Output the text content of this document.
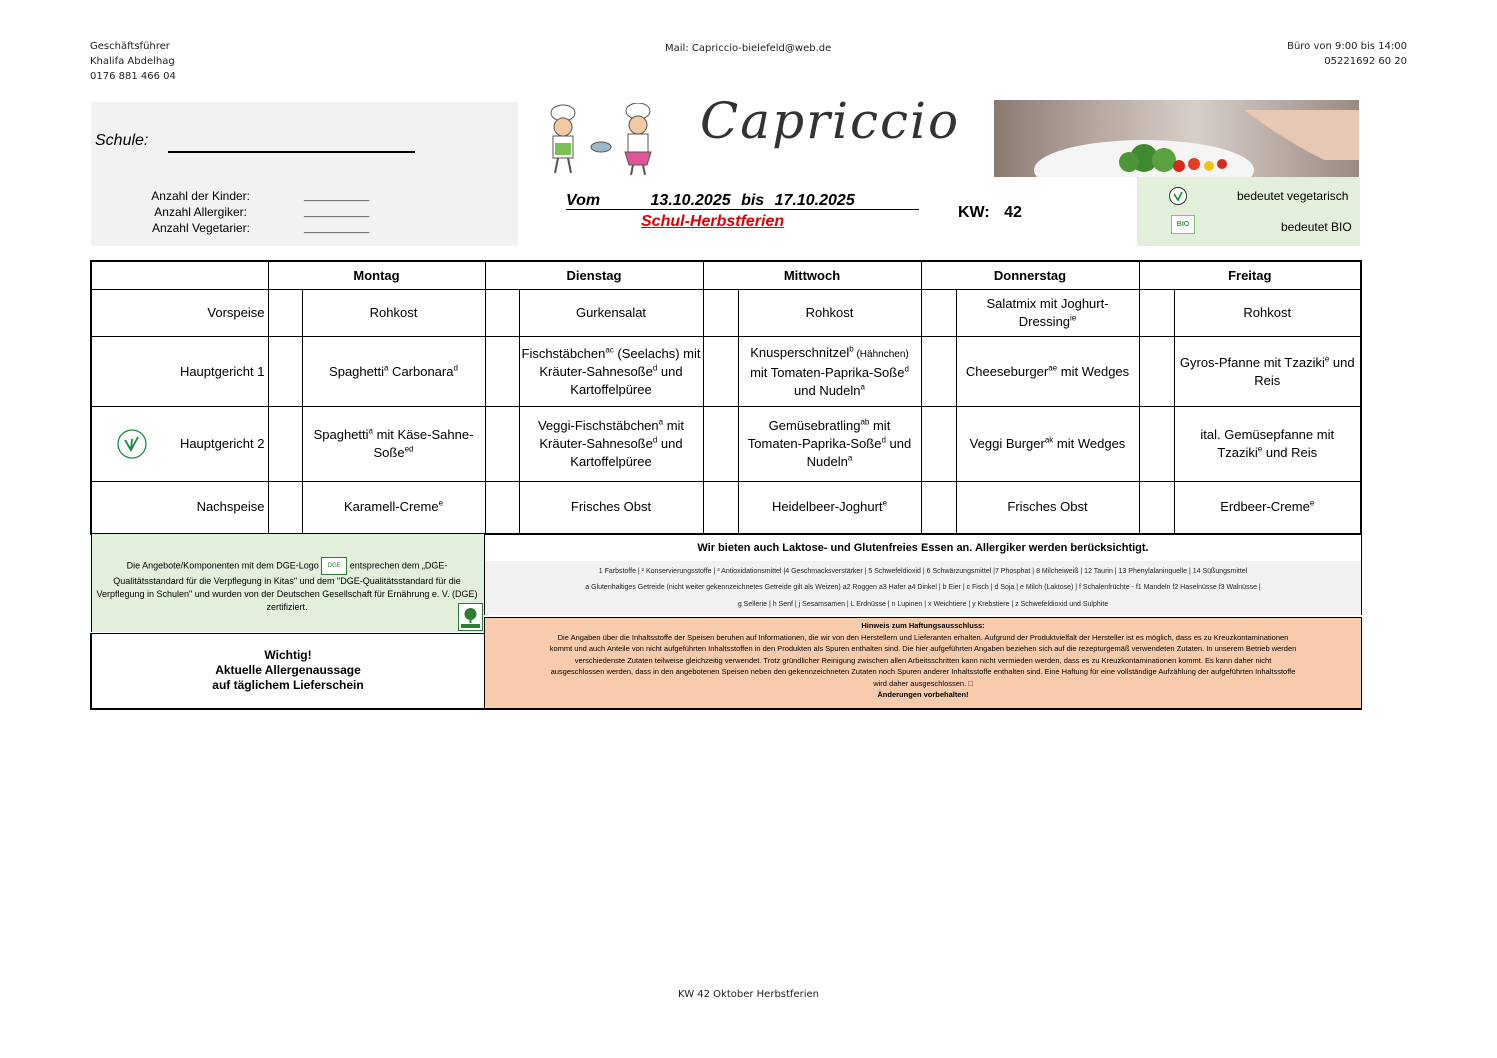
Geschäftsführer
Khalifa Abdelhag
0176 881 466 04
Mail: Capriccio-bielefeld@web.de	Büro von 9:00 bis 14:00
05221692 60 20
Schule:
Anzahl der Kinder:	_____________
Anzahl Allergiker:	_____________
Anzahl Vegetarier:	_____________
Capriccio
bedeutet vegetarisch
BIO	bedeutet BIO
Vom	13.10.2025 bis 17.10.2025
Schul-Herbstferien
KW: 42
	Montag		Dienstag		Mittwoch		Donnerstag		Freitag	
Vorspeise		Rohkost		Gurkensalat		Rohkost		Salatmix mit Joghurt-Dressing$^{ie}$		Rohkost
Hauptgericht 1		Spaghetti$^a$ Carbonara$^d$		Fischstäbchen$^{ac}$ (Seelachs) mit Kräuter-Sahnesoße$^d$ und Kartoffelpüree		Knusperschnitzel$^b$ (Hähnchen) mit Tomaten-Paprika-Soße$^d$ und Nudeln$^a$		Cheeseburger$^{ae}$ mit Wedges		Gyros-Pfanne mit Tzaziki$^e$ und Reis

Hauptgericht 2		Spaghetti$^a$ mit Käse-Sahne-Soße$^{ed}$		Veggi-Fischstäbchen$^a$ mit Kräuter-Sahnesoße$^d$ und Kartoffelpüree		Gemüsebratling$^{ab}$ mit Tomaten-Paprika-Soße$^d$ und Nudeln$^a$		Veggi Burger$^{ak}$ mit Wedges		ital. Gemüsepfanne mit Tzaziki$^e$ und Reis
Nachspeise		Karamell-Creme$^e$		Frisches Obst		Heidelbeer-Joghurt$^e$		Frisches Obst		Erdbeer-Creme$^e$
Die Angebote/Komponenten mit dem DGE-Logo DGE entsprechen dem „DGE-Qualitätsstandard für die Verpflegung in Kitas" und dem "DGE-Qualitätsstandard für die Verpflegung in Schulen" und wurden von der Deutschen Gesellschaft für Ernährung e. V. (DGE) zertifiziert.
Wichtig!
Aktuelle Allergenaussage
auf täglichem Lieferschein
Wir bieten auch Laktose- und Glutenfreies Essen an. Allergiker werden berücksichtigt.
1 Farbstoffe | ² Konservierungsstoffe | ³ Antioxidationsmittel |4 Geschmacksverstärker | 5 Schwefeldioxid | 6 Schwärzungsmittel |7 Phosphat | 8 Milcheiweiß | 12 Taurin | 13 Phenylalaninquelle | 14 Süßungsmittel
a Glutenhaltiges Getreide (nicht weiter gekennzeichnetes Getreide gilt als Weizen) a2 Roggen a3 Hafer a4 Dinkel | b Eier | c Fisch | d Soja | e Milch (Laktose) | f Schalenfrüchte - f1 Mandeln f2 Haselnüsse f3 Walnüsse |
g Sellerie | h Senf | j Sesamsamen | L Erdnüsse | n Lupinen | x Weichtiere | y Krebstiere | z Schwefeldioxid und Sulphite
Hinweis zum Haftungsausschluss:
Die Angaben über die Inhaltsstoffe der Speisen beruhen auf Informationen, die wir von den Herstellern und Lieferanten erhalten. Aufgrund der Produktvielfalt der Hersteller ist es möglich, dass es zu Kreuzkontaminationen
kommt und auch Anteile von nicht aufgeführten Inhaltsstoffen in den Produkten als Spuren enthalten sind. Die hier aufgeführten Angaben beziehen sich auf die rezepturgemäß verwendeten Zutaten. In unserem Betrieb werden
verschiedenste Zutaten teilweise gleichzeitig verwendet. Trotz gründlicher Reinigung zwischen allen Arbeitsschritten kann nicht vermieden werden, dass es zu Kreuzkontaminationen kommt. Es kann daher nicht
ausgeschlossen werden, dass in den angebotenen Speisen neben den gekennzeichneten Zutaten noch Spuren anderer Inhaltsstoffe enthalten sind. Eine Haftung für eine vollständige Aufzählung der aufgeführten Inhaltsstoffe
wird daher ausgeschlossen. □
Änderungen vorbehalten!
KW 42 Oktober Herbstferien
